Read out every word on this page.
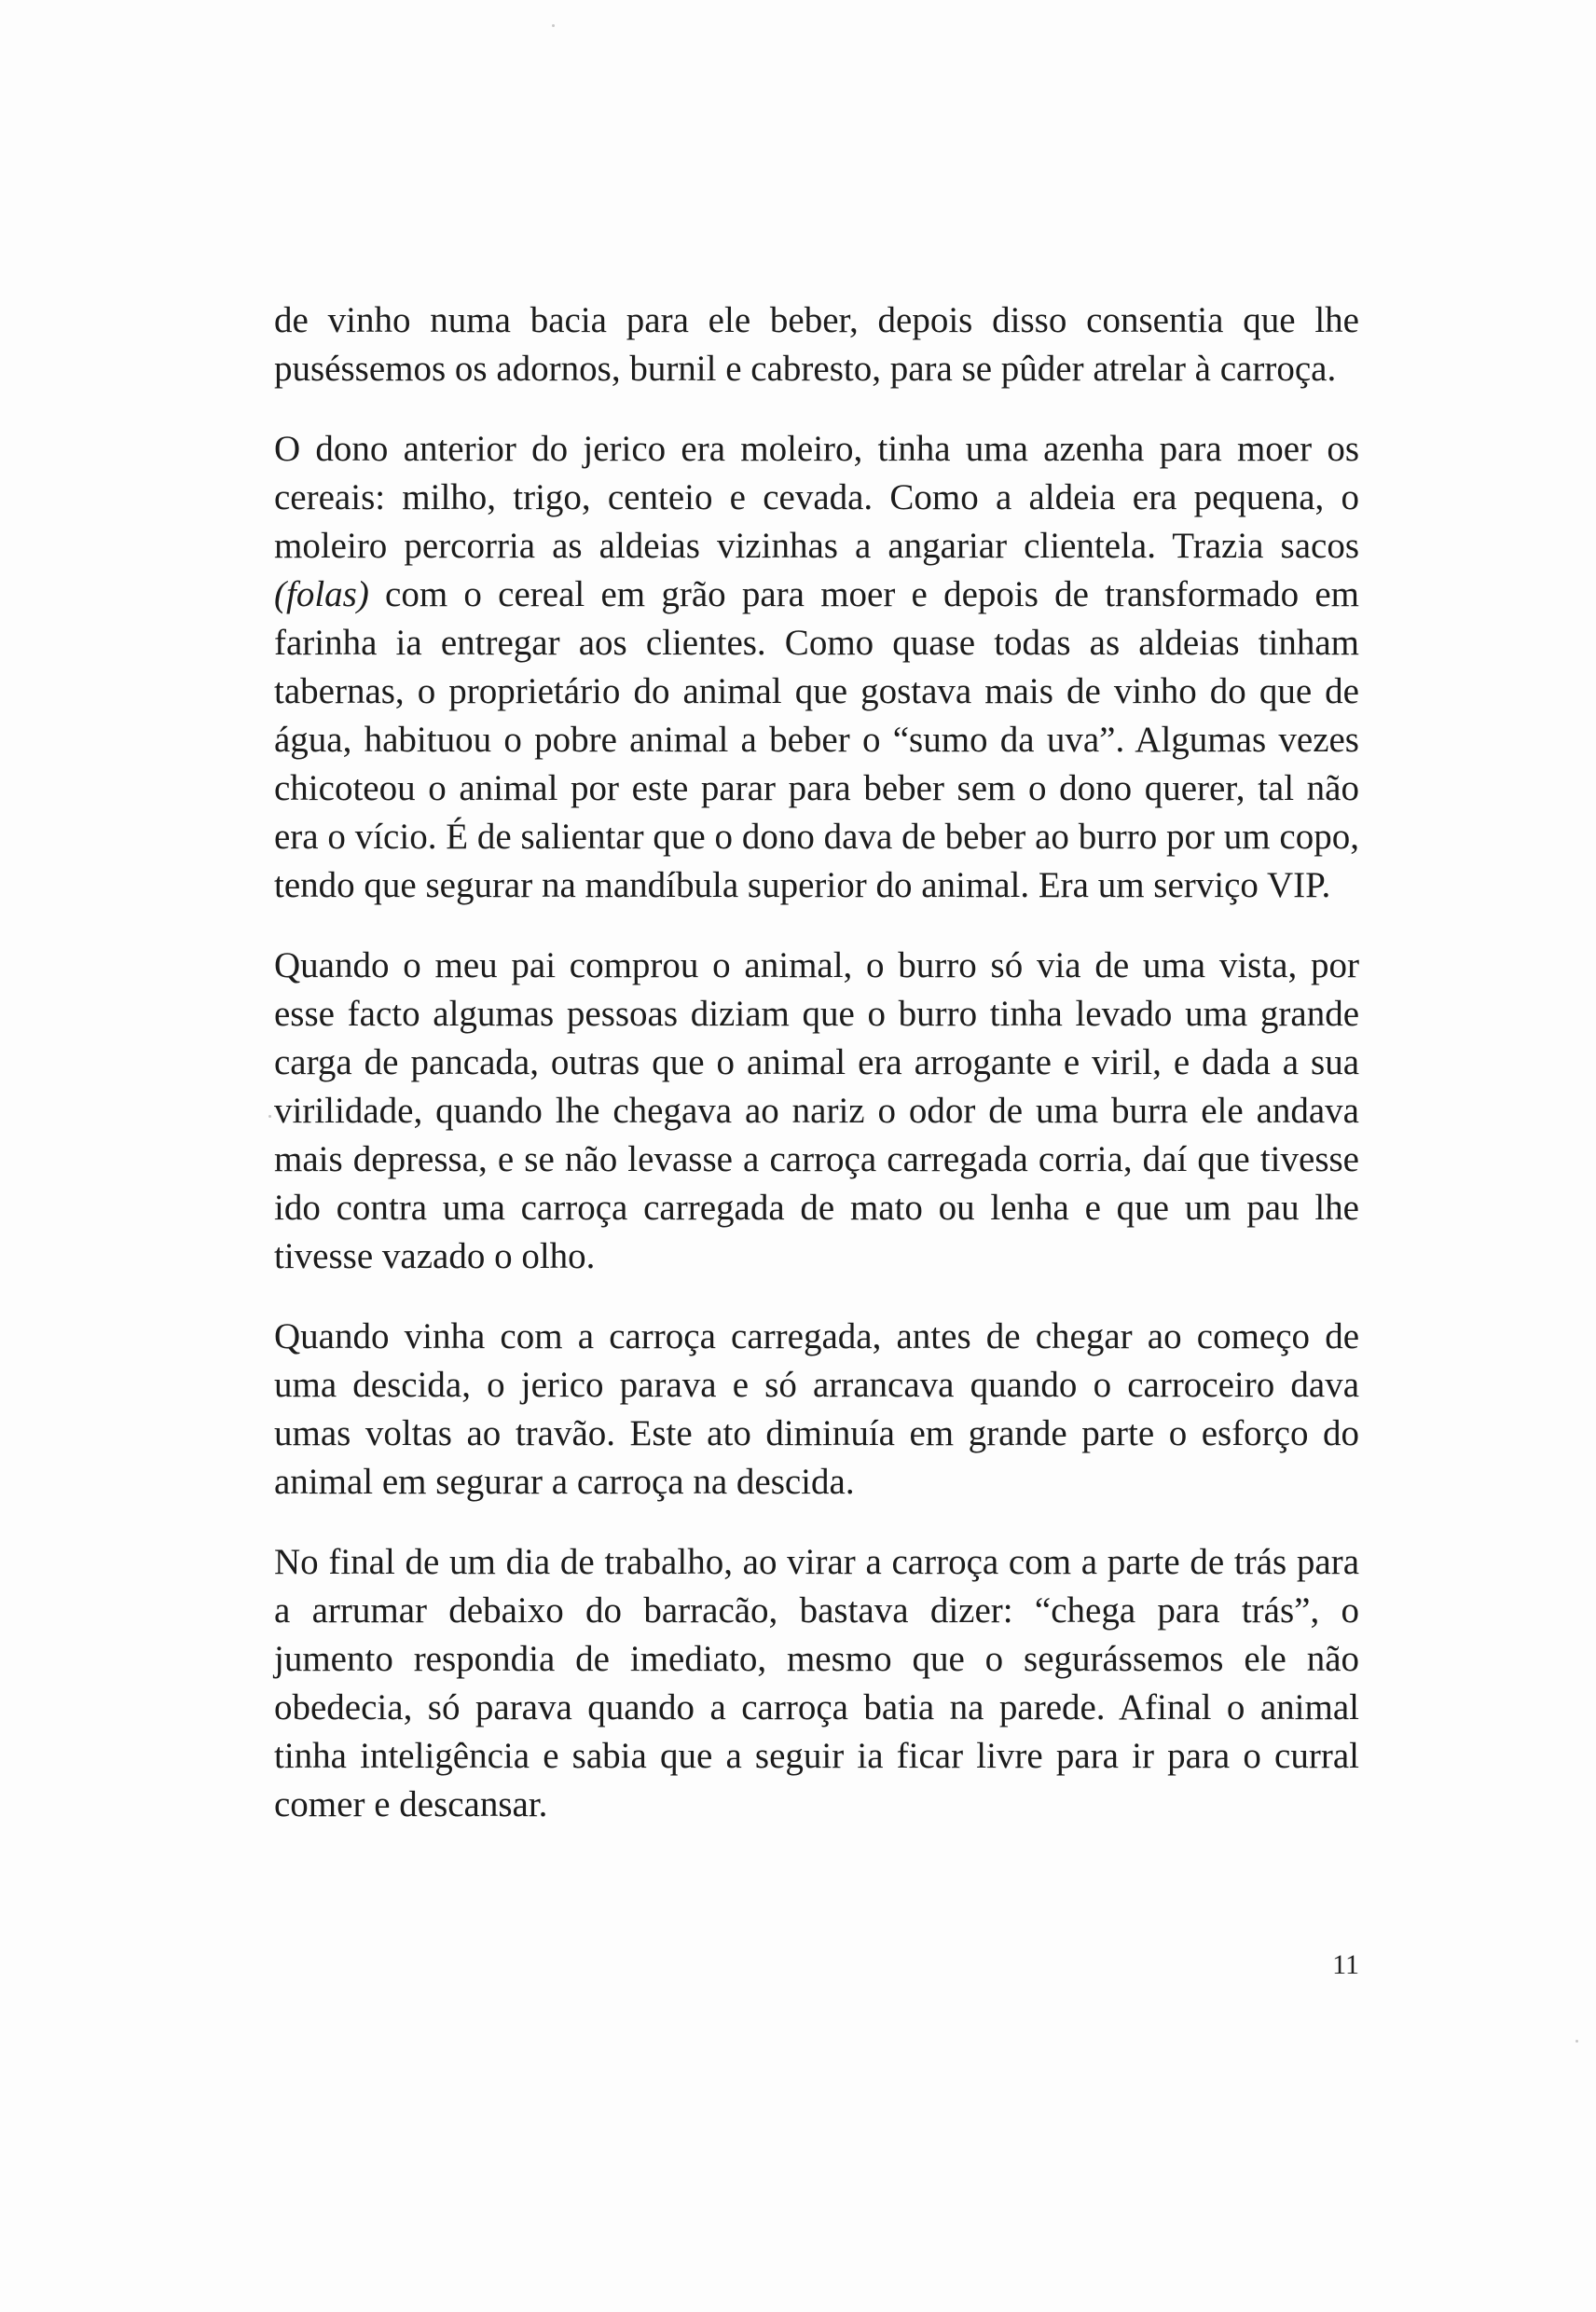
de vinho numa bacia para ele beber, depois disso consentia que lhe puséssemos os adornos, burnil e cabresto, para se pûder atrelar à carroça.

O dono anterior do jerico era moleiro, tinha uma azenha para moer os cereais: milho, trigo, centeio e cevada. Como a aldeia era pequena, o moleiro percorria as aldeias vizinhas a angariar clientela. Trazia sacos (folas) com o cereal em grão para moer e depois de transformado em farinha ia entregar aos clientes. Como quase todas as aldeias tinham tabernas, o proprietário do animal que gostava mais de vinho do que de água, habituou o pobre animal a beber o “sumo da uva”. Algumas vezes chicoteou o animal por este parar para beber sem o dono querer, tal não era o vício. É de salientar que o dono dava de beber ao burro por um copo, tendo que segurar na mandíbula superior do animal. Era um serviço VIP.

Quando o meu pai comprou o animal, o burro só via de uma vista, por esse facto algumas pessoas diziam que o burro tinha levado uma grande carga de pancada, outras que o animal era arrogante e viril, e dada a sua virilidade, quando lhe chegava ao nariz o odor de uma burra ele andava mais depressa, e se não levasse a carroça carregada corria, daí que tivesse ido contra uma carroça carregada de mato ou lenha e que um pau lhe tivesse vazado o olho.

Quando vinha com a carroça carregada, antes de chegar ao começo de uma descida, o jerico parava e só arrancava quando o carroceiro dava umas voltas ao travão. Este ato diminuía em grande parte o esforço do animal em segurar a carroça na descida.

No final de um dia de trabalho, ao virar a carroça com a parte de trás para a arrumar debaixo do barracão, bastava dizer: “chega para trás”, o jumento respondia de imediato, mesmo que o segurássemos ele não obedecia, só parava quando a carroça batia na parede. Afinal o animal tinha inteligência e sabia que a seguir ia ficar livre para ir para o curral comer e descansar.

11
